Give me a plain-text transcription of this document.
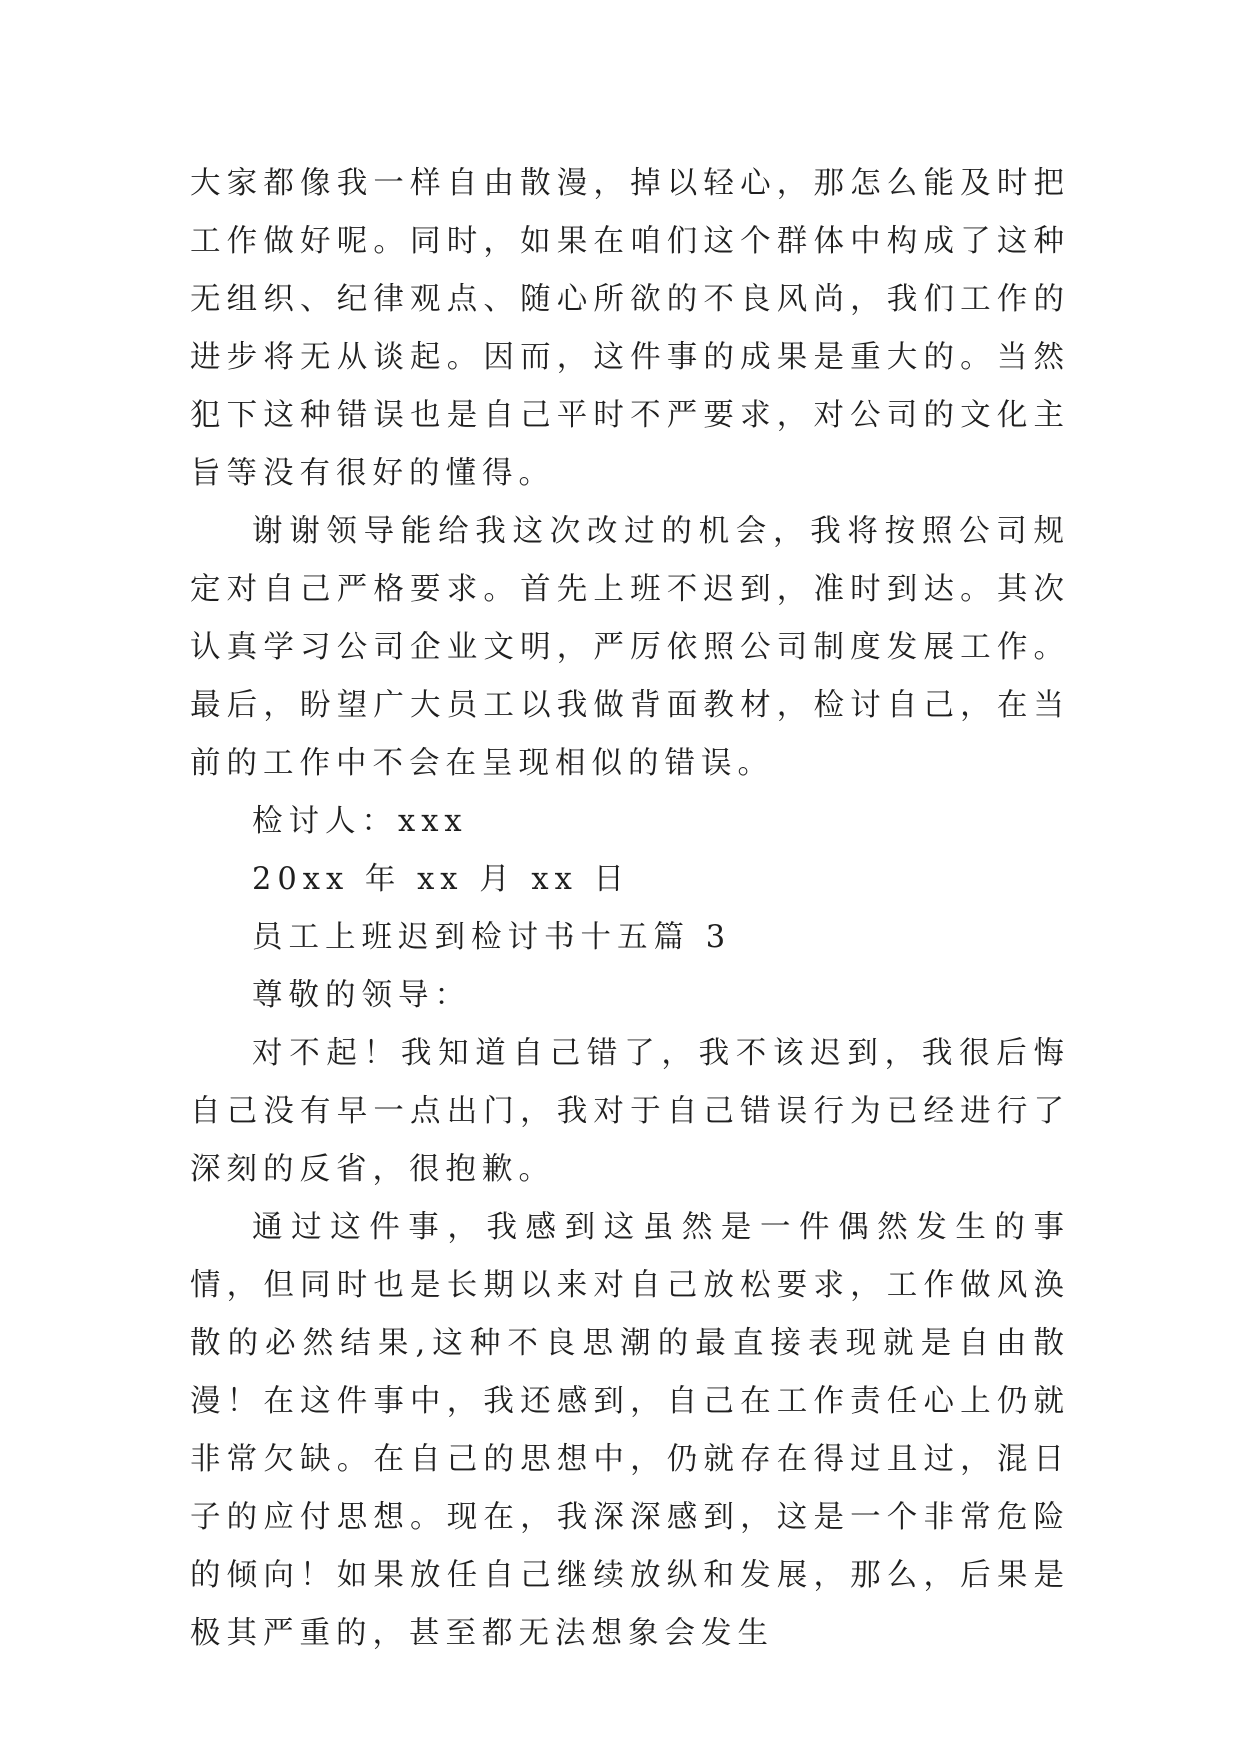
大家都像我一样自由散漫，掉以轻心，那怎么能及时把工作做好呢。同时，如果在咱们这个群体中构成了这种无组织、纪律观点、随心所欲的不良风尚，我们工作的进步将无从谈起。因而，这件事的成果是重大的。当然犯下这种错误也是自己平时不严要求，对公司的文化主旨等没有很好的懂得。

谢谢领导能给我这次改过的机会，我将按照公司规定对自己严格要求。首先上班不迟到，准时到达。其次认真学习公司企业文明，严厉依照公司制度发展工作。最后，盼望广大员工以我做背面教材，检讨自己，在当前的工作中不会在呈现相似的错误。

检讨人：xxx

20xx 年 xx 月 xx 日

员工上班迟到检讨书十五篇 3

尊敬的领导：

对不起！我知道自己错了，我不该迟到，我很后悔自己没有早一点出门，我对于自己错误行为已经进行了深刻的反省，很抱歉。

通过这件事，我感到这虽然是一件偶然发生的事情，但同时也是长期以来对自己放松要求，工作做风涣散的必然结果,这种不良思潮的最直接表现就是自由散漫！在这件事中，我还感到，自己在工作责任心上仍就非常欠缺。在自己的思想中，仍就存在得过且过，混日子的应付思想。现在，我深深感到，这是一个非常危险的倾向！如果放任自己继续放纵和发展，那么，后果是极其严重的，甚至都无法想象会发生
